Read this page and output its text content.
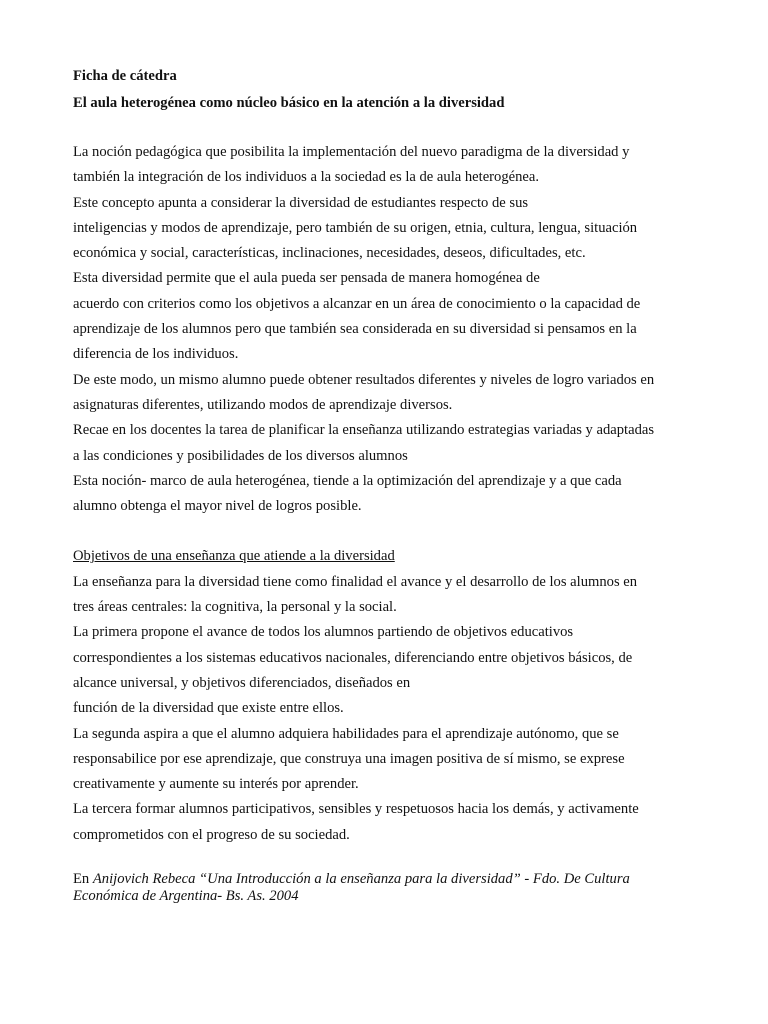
Ficha de cátedra

El aula heterogénea como núcleo básico en la atención a la diversidad

La noción pedagógica que posibilita la implementación del nuevo paradigma de la diversidad y
también la integración de los individuos a la sociedad es la de aula heterogénea.
Este concepto apunta a considerar la diversidad de estudiantes respecto de sus
inteligencias y modos de aprendizaje, pero también de su origen, etnia, cultura, lengua, situación
económica y social, características, inclinaciones, necesidades, deseos, dificultades, etc.
Esta diversidad permite que el aula pueda ser pensada de manera homogénea de
acuerdo con criterios como los objetivos a alcanzar en un área de conocimiento o la capacidad de
aprendizaje de los alumnos pero que también sea considerada en su diversidad si pensamos en la
diferencia de los individuos.
De este modo, un mismo alumno puede obtener resultados diferentes y niveles de logro variados en
asignaturas diferentes, utilizando modos de aprendizaje diversos.
Recae en los docentes la tarea de planificar la enseñanza utilizando estrategias variadas y adaptadas
a las condiciones y posibilidades de los diversos alumnos
Esta noción- marco de aula heterogénea, tiende a la optimización del aprendizaje y a que cada
alumno obtenga el mayor nivel de logros posible.
Objetivos de una enseñanza que atiende a la diversidad
La enseñanza para la diversidad tiene como finalidad el avance y el desarrollo de los alumnos en
tres áreas centrales: la cognitiva, la personal y la social.
La primera propone el avance de todos los alumnos partiendo de objetivos educativos
correspondientes a los sistemas educativos nacionales, diferenciando entre objetivos básicos, de
alcance universal, y objetivos diferenciados, diseñados en
función de la diversidad que existe entre ellos.
La segunda aspira a que el alumno adquiera habilidades para el aprendizaje autónomo, que se
responsabilice por ese aprendizaje, que construya una imagen positiva de sí mismo, se exprese
creativamente y aumente su interés por aprender.
La tercera formar alumnos participativos, sensibles y respetuosos hacia los demás, y activamente
comprometidos con el progreso de su sociedad.
En Anijovich Rebeca “Una Introducción a la enseñanza para la diversidad” - Fdo. De Cultura
Económica de Argentina- Bs. As. 2004
